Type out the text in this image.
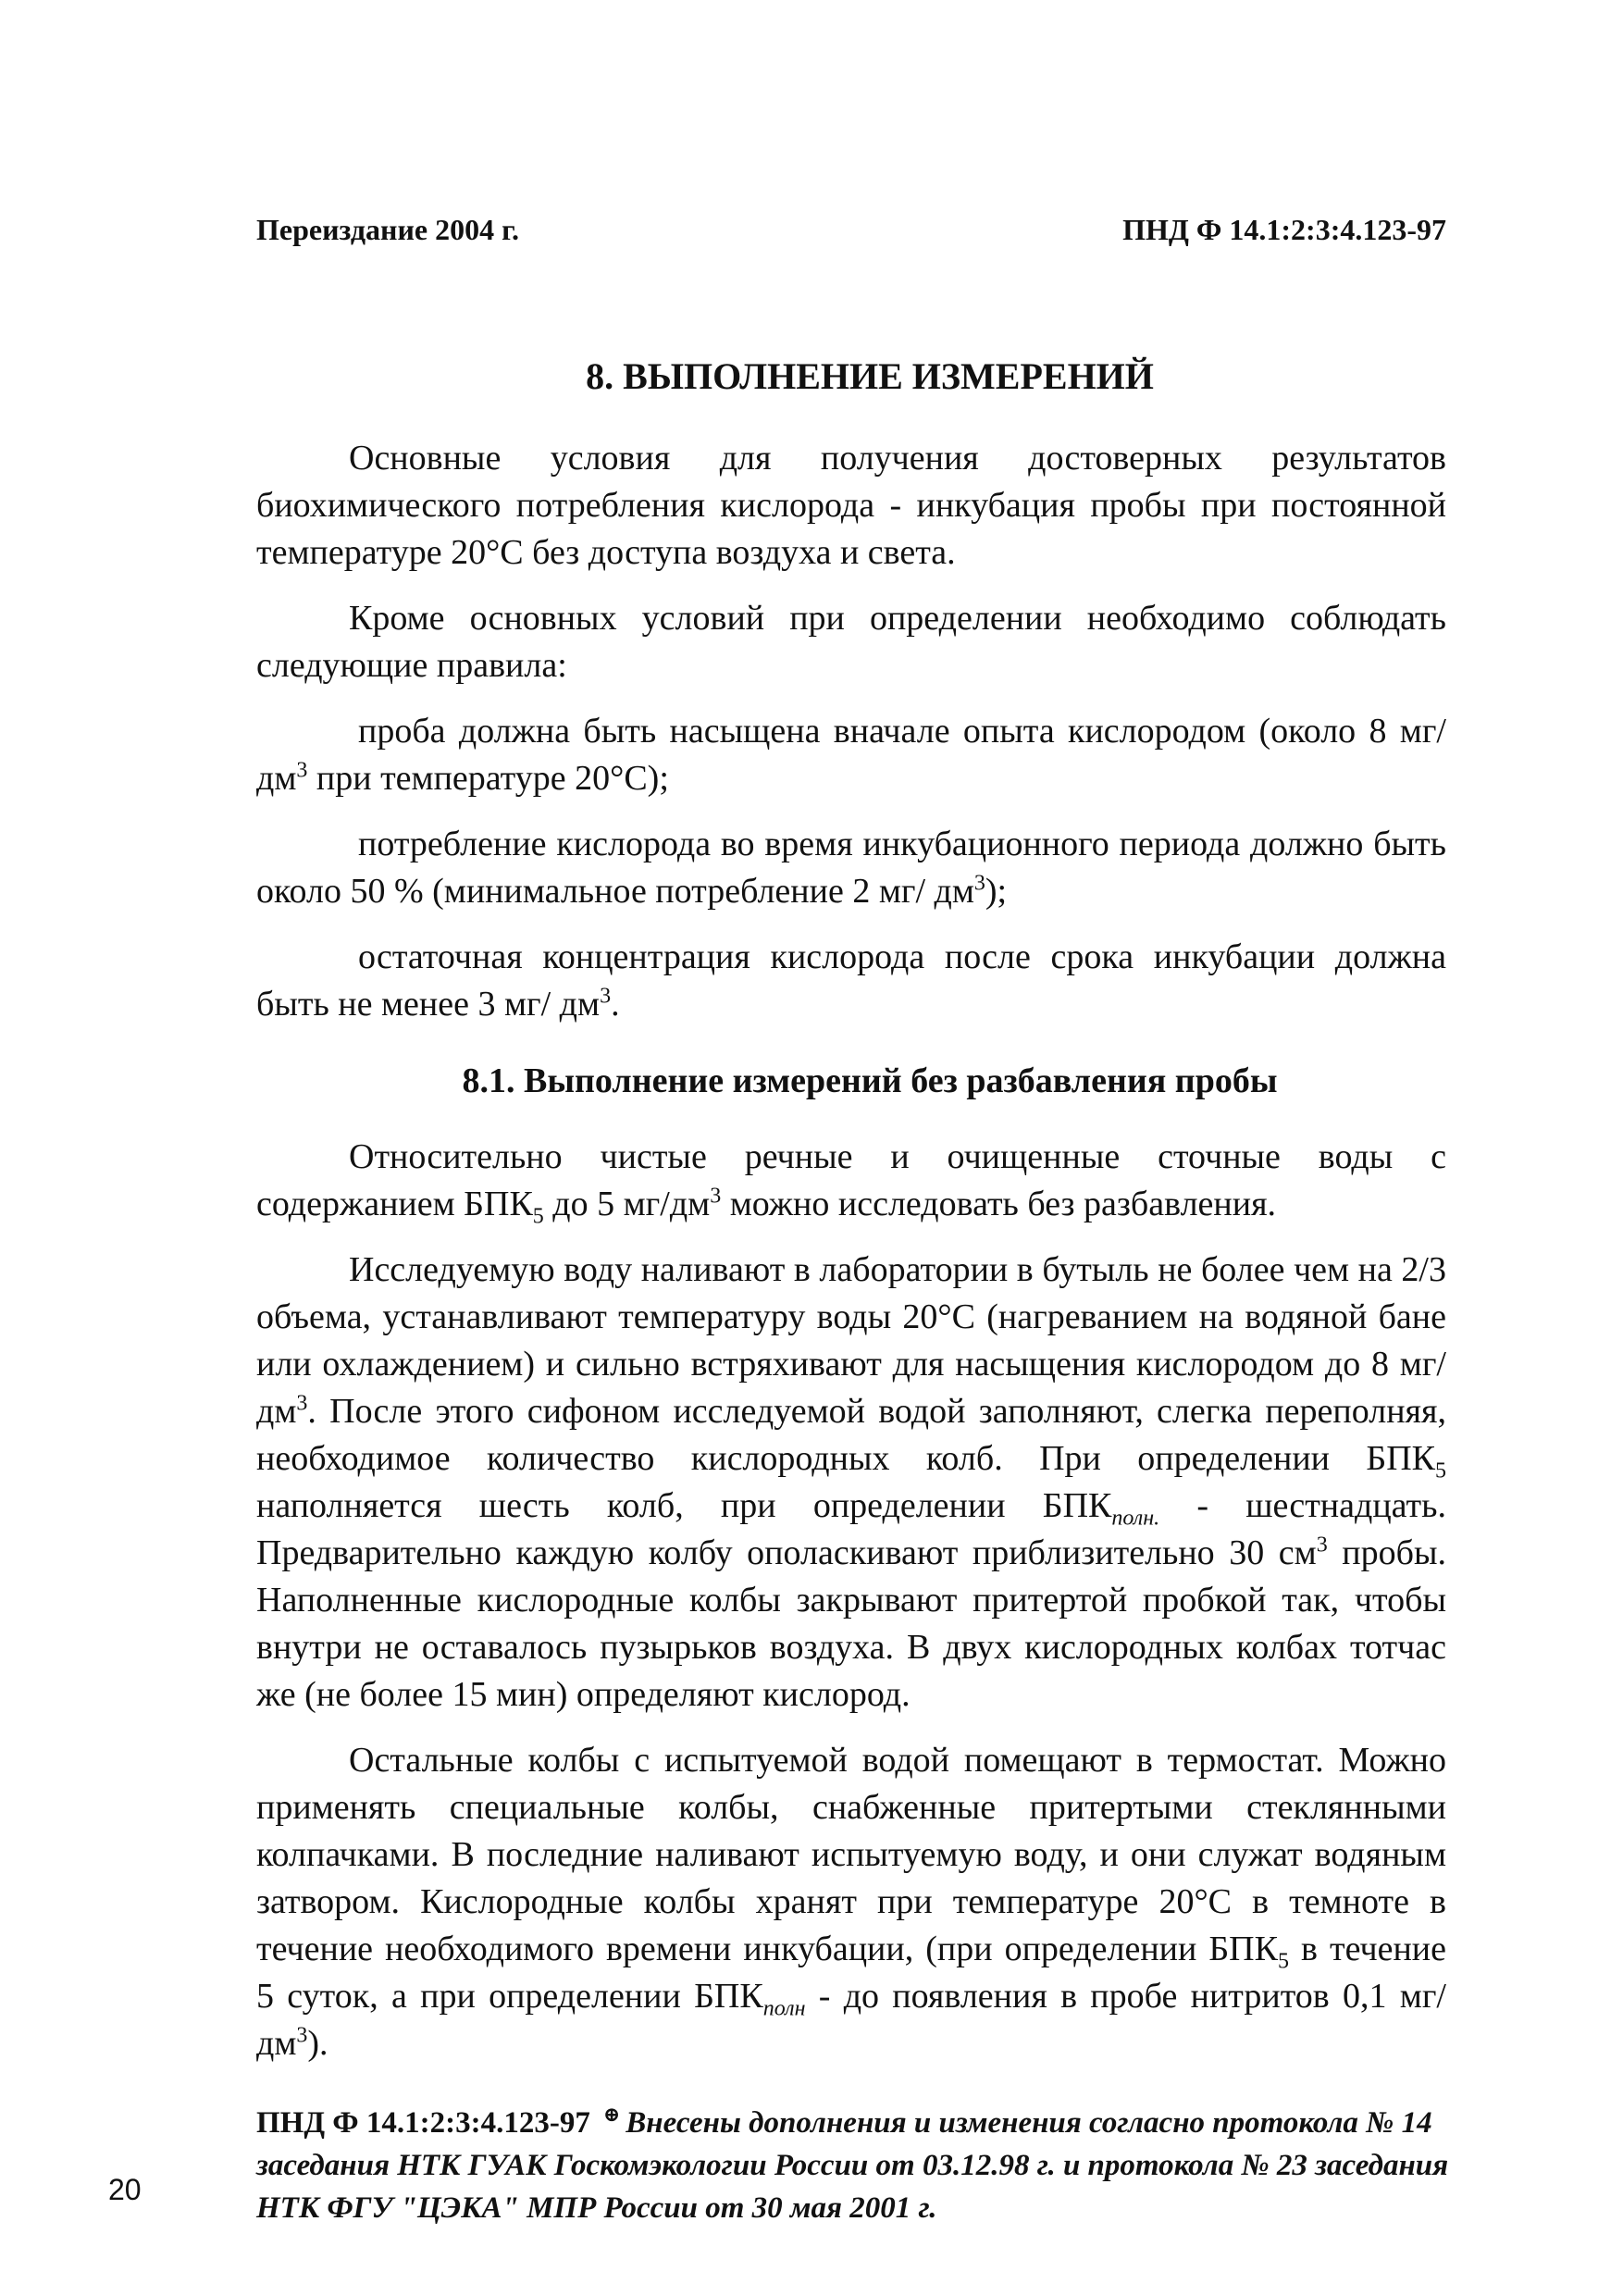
Переиздание 2004 г.	ПНД Ф 14.1:2:3:4.123-97
8. ВЫПОЛНЕНИЕ ИЗМЕРЕНИЙ

Основные условия для получения достоверных результатов биохимического потребления кислорода - инкубация пробы при постоянной температуре 20°С без доступа воздуха и света.

Кроме основных условий при определении необходимо соблюдать следующие правила:

проба должна быть насыщена вначале опыта кислородом (около 8 $мг/дм^3$ при температуре 20°С);

потребление кислорода во время инкубационного периода должно быть около 50 % (минимальное потребление 2 мг/ $дм^3$);

остаточная концентрация кислорода после срока инкубации должна быть не менее 3 мг/ $дм^3$.

8.1. Выполнение измерений без разбавления пробы

Относительно чистые речные и очищенные сточные воды с содержанием $БПК_5$ до 5 $мг/дм^3$ можно исследовать без разбавления.

Исследуемую воду наливают в лаборатории в бутыль не более чем на 2/3 объема, устанавливают температуру воды 20°С (нагреванием на водяной бане или охлаждением) и сильно встряхивают для насыщения кислородом до 8 $мг/дм^3$. После этого сифоном исследуемой водой заполняют, слегка переполняя, необходимое количество кислородных колб. При определении $БПК_5$ наполняется шесть колб, при определении $БПК_{полн.}$ - шестнадцать. Предварительно каждую колбу ополаскивают приблизительно 30 $см^3$ пробы. Наполненные кислородные колбы закрывают притертой пробкой так, чтобы внутри не оставалось пузырьков воздуха. В двух кислородных колбах тотчас же (не более 15 мин) определяют кислород.

Остальные колбы с испытуемой водой помещают в термостат. Можно применять специальные колбы, снабженные притертыми стеклянными колпачками. В последние наливают испытуемую воду, и они служат водяным затвором. Кислородные колбы хранят при температуре 20°С в темноте в течение необходимого времени инкубации, (при определении $БПК_5$ в течение 5 суток, а при определении $БПК_{полн}$ - до появления в пробе нитритов 0,1 $мг/дм^3$).

ПНД Ф 14.1:2:3:4.123-97 ⊕ Внесены дополнения и изменения согласно протокола № 14 заседания НТК ГУАК Госкомэкологии России от 03.12.98 г. и протокола № 23 заседания НТК ФГУ "ЦЭКА" МПР России от 30 мая 2001 г.
20
